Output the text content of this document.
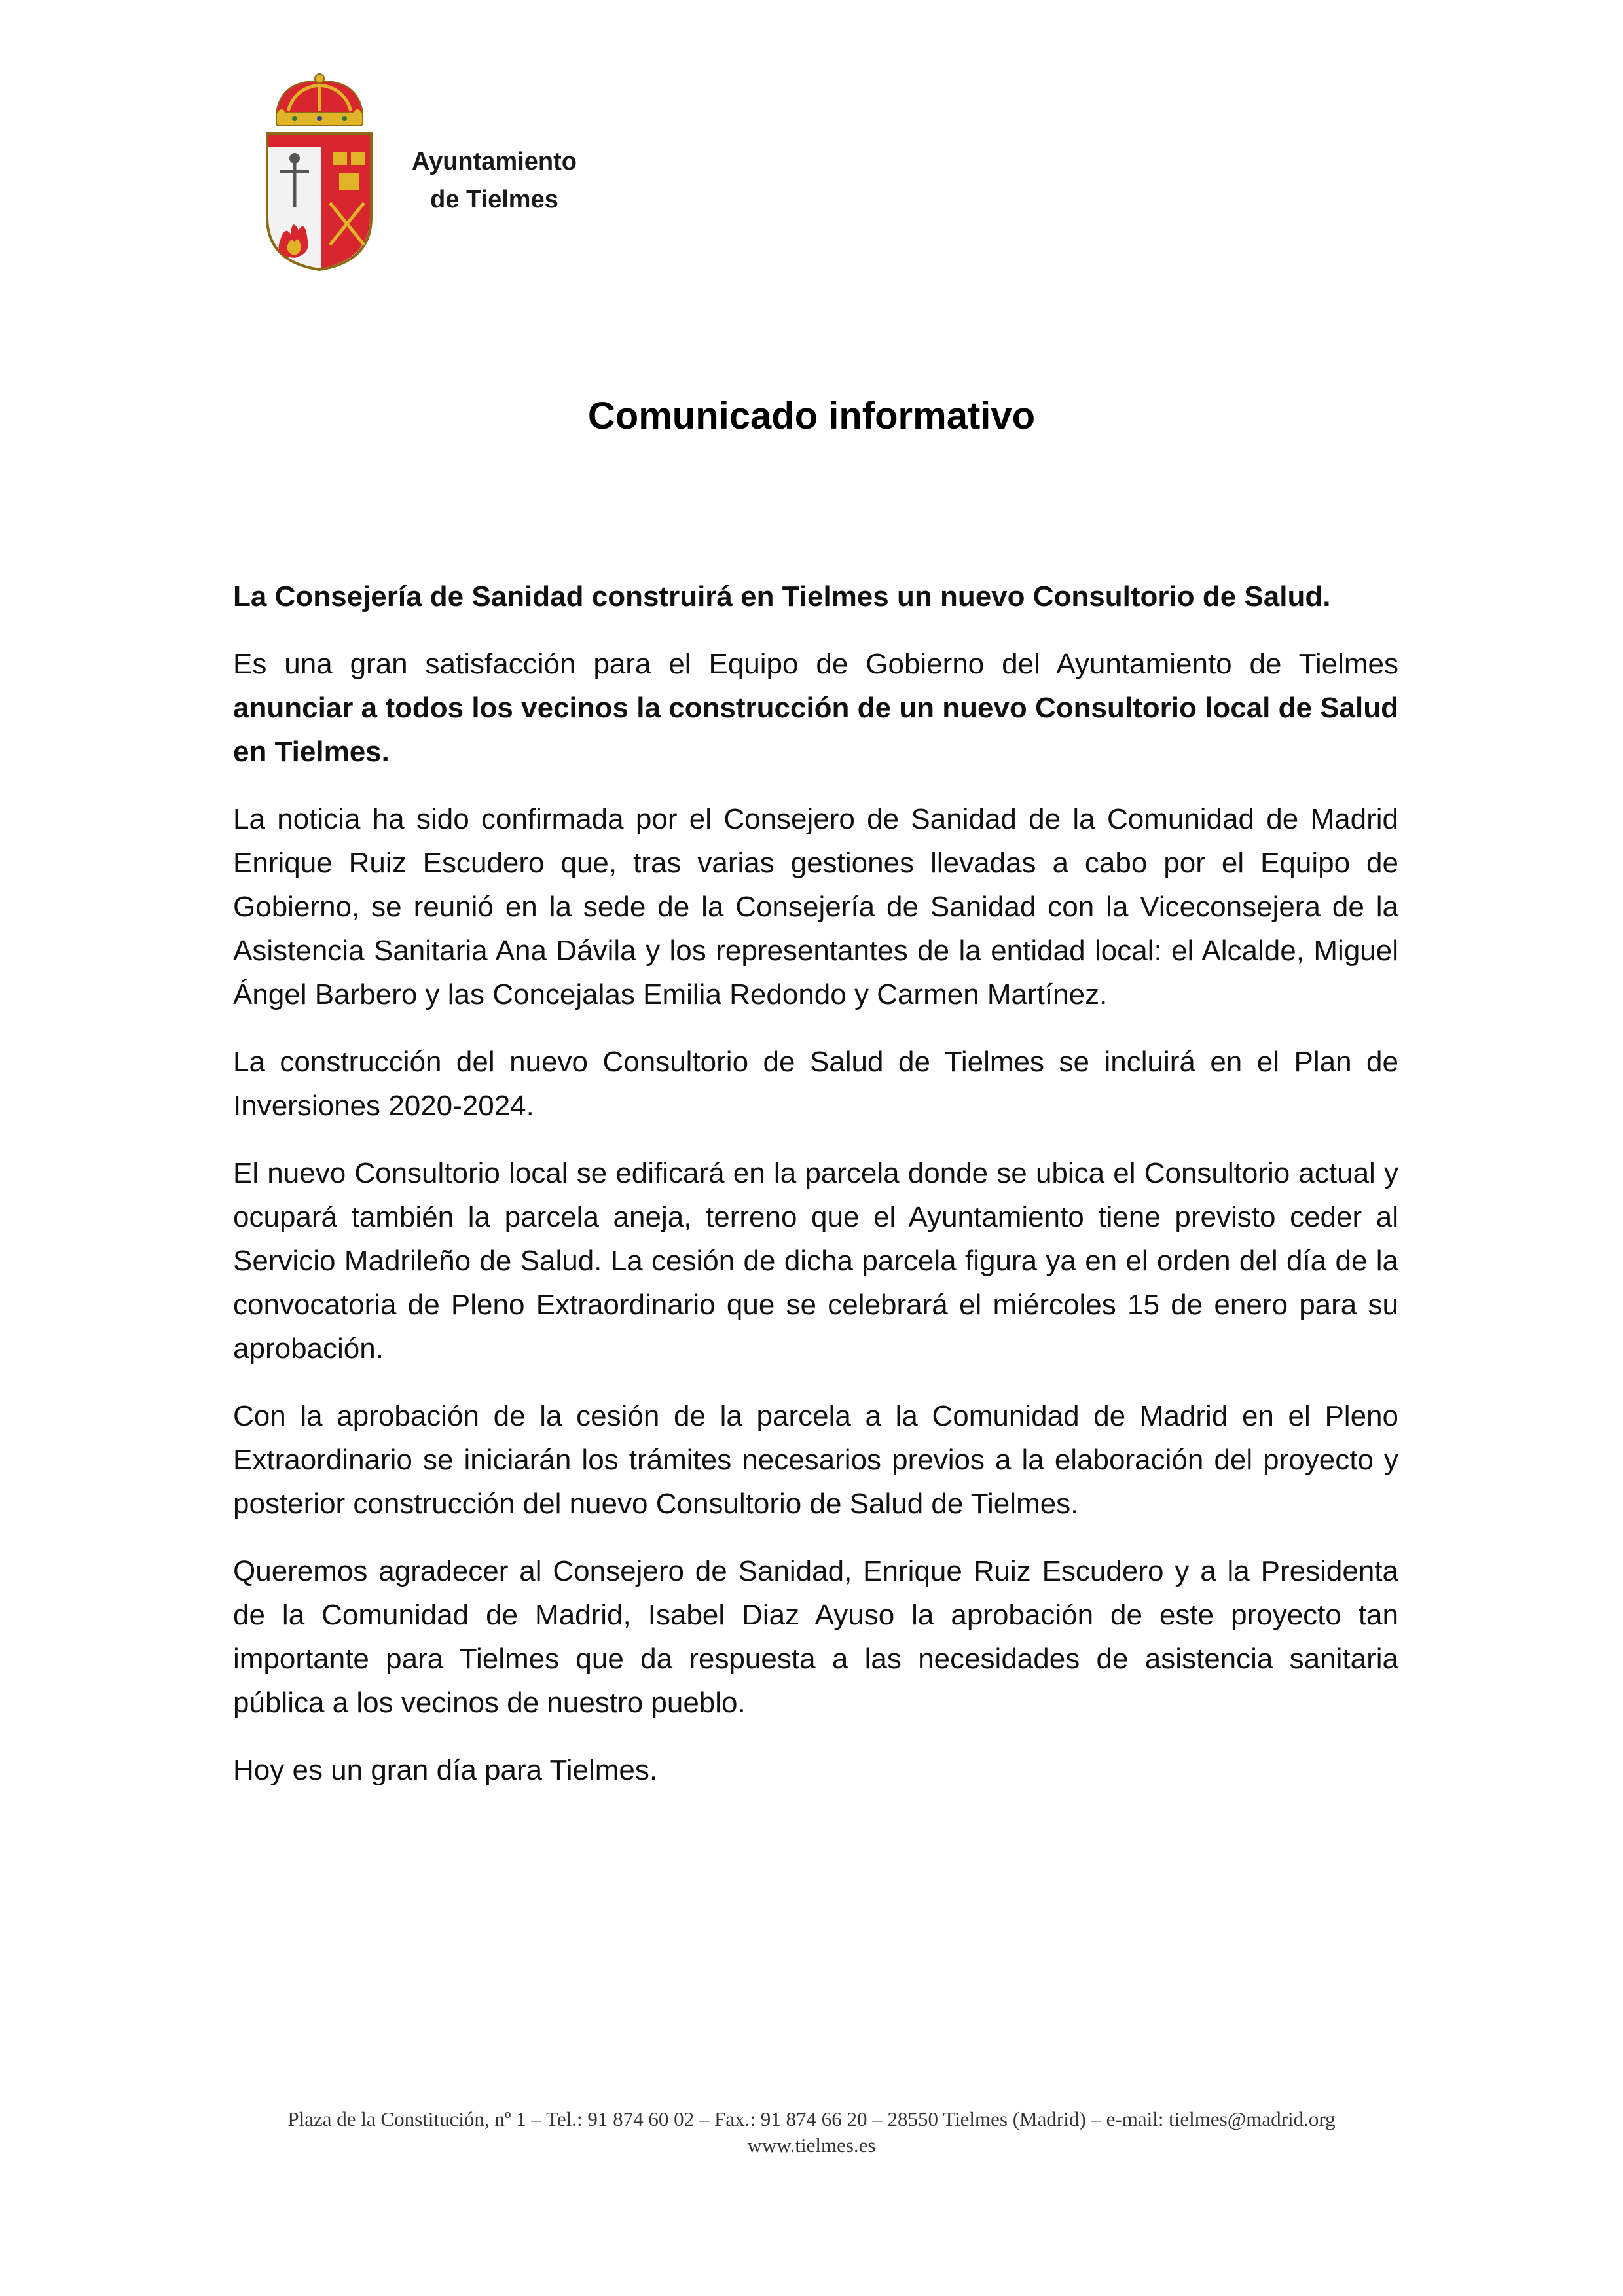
Ayuntamiento
de Tielmes
Comunicado informativo

La Consejería de Sanidad construirá en Tielmes un nuevo Consultorio de Salud.

Es una gran satisfacción para el Equipo de Gobierno del Ayuntamiento de Tielmes anunciar a todos los vecinos la construcción de un nuevo Consultorio local de Salud en Tielmes.

La noticia ha sido confirmada por el Consejero de Sanidad de la Comunidad de Madrid Enrique Ruiz Escudero que, tras varias gestiones llevadas a cabo por el Equipo de Gobierno, se reunió en la sede de la Consejería de Sanidad con la Viceconsejera de la Asistencia Sanitaria Ana Dávila y los representantes de la entidad local: el Alcalde, Miguel Ángel Barbero y las Concejalas Emilia Redondo y Carmen Martínez.

La construcción del nuevo Consultorio de Salud de Tielmes se incluirá en el Plan de Inversiones 2020-2024.

El nuevo Consultorio local se edificará en la parcela donde se ubica el Consultorio actual y ocupará también la parcela aneja, terreno que el Ayuntamiento tiene previsto ceder al Servicio Madrileño de Salud. La cesión de dicha parcela figura ya en el orden del día de la convocatoria de Pleno Extraordinario que se celebrará el miércoles 15 de enero para su aprobación.

Con la aprobación de la cesión de la parcela a la Comunidad de Madrid en el Pleno Extraordinario se iniciarán los trámites necesarios previos a la elaboración del proyecto y posterior construcción del nuevo Consultorio de Salud de Tielmes.

Queremos agradecer al Consejero de Sanidad, Enrique Ruiz Escudero y a la Presidenta de la Comunidad de Madrid, Isabel Diaz Ayuso la aprobación de este proyecto tan importante para Tielmes que da respuesta a las necesidades de asistencia sanitaria pública a los vecinos de nuestro pueblo.

Hoy es un gran día para Tielmes.

Plaza de la Constitución, nº 1 – Tel.: 91 874 60 02 – Fax.: 91 874 66 20 – 28550 Tielmes (Madrid) – e-mail: tielmes@madrid.org
www.tielmes.es
